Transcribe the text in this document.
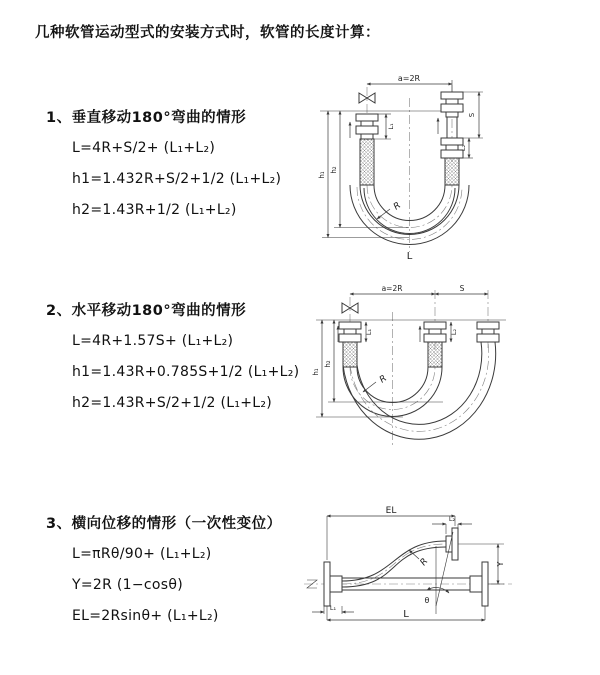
几种软管运动型式的安装方式时，软管的长度计算：

1、垂直移动180°弯曲的情形

L=4R+S/2+ (L₁+L₂)

h1=1.432R+S/2+1/2 (L₁+L₂)

h2=1.43R+1/2 (L₁+L₂)

2、水平移动180°弯曲的情形

L=4R+1.57S+ (L₁+L₂)

h1=1.43R+0.785S+1/2 (L₁+L₂)

h2=1.43R+S/2+1/2 (L₁+L₂)

3、横向位移的情形（一次性变位）

L=πRθ/90+ (L₁+L₂)

Y=2R (1−cosθ)

EL=2Rsinθ+ (L₁+L₂)

a=2R
L₁
S
L₂
h₂
h₁
R
L
a=2R	S
L₁	L₂
h₂
h₁
R
θ
R
EL
L₂
Y
L
L₁
